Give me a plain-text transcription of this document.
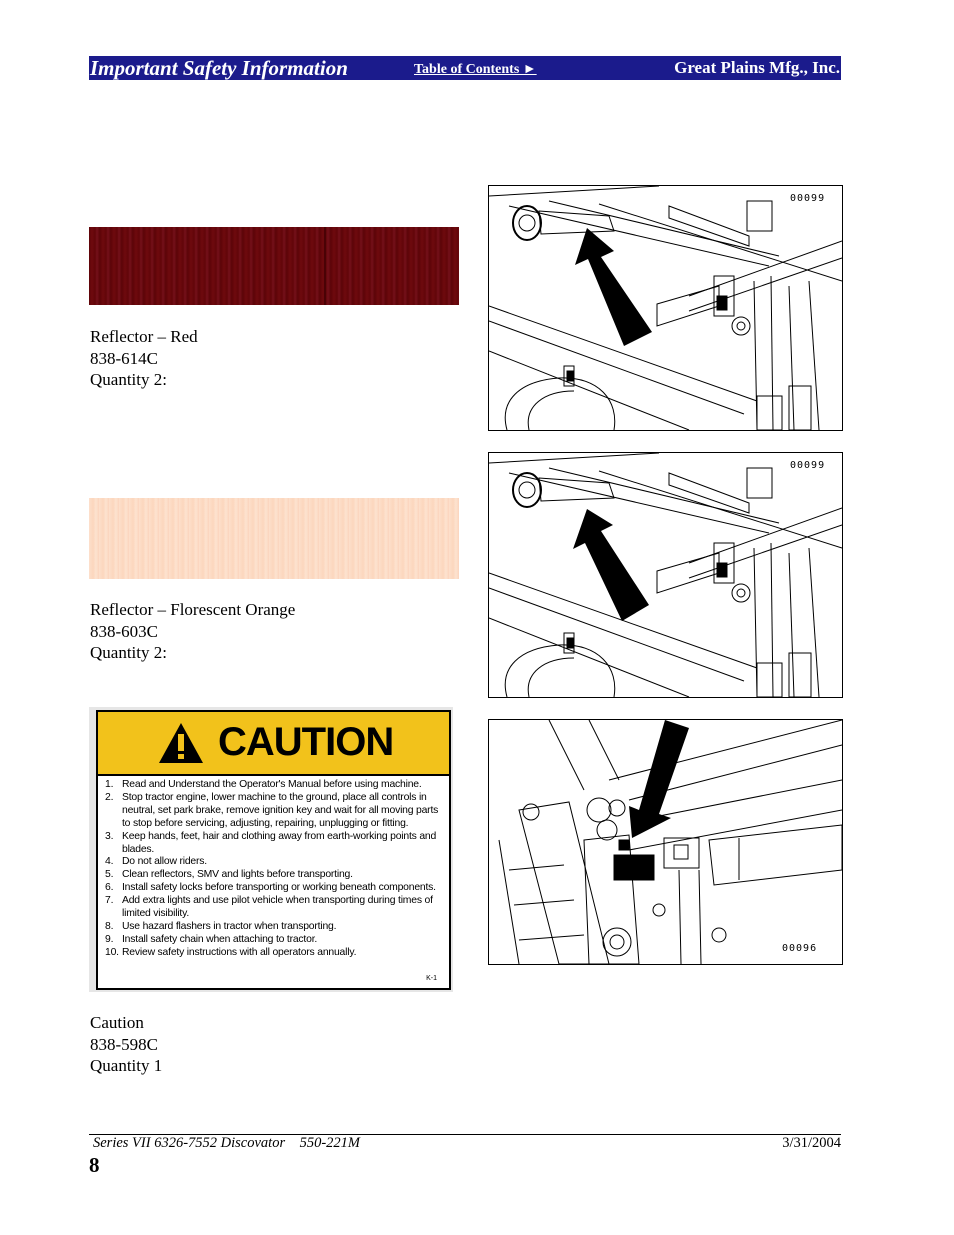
Important Safety Information	Table of Contents ►	Great Plains Mfg., Inc.
Reflector – Red
838-614C
Quantity 2:
00099
Reflector – Florescent Orange
838-603C
Quantity 2:
00099
CAUTION
1. Read and Understand the Operator's Manual before using machine.
2. Stop tractor engine, lower machine to the ground, place all controls in neutral, set park brake, remove ignition key and wait for all moving parts to stop before servicing, adjusting, repairing, unplugging or fitting.
3. Keep hands, feet, hair and clothing away from earth-working points and blades.
4. Do not allow riders.
5. Clean reflectors, SMV and lights before transporting.
6. Install safety locks before transporting or working beneath components.
7. Add extra lights and use pilot vehicle when transporting during times of limited visibility.
8. Use hazard flashers in tractor when transporting.
9. Install safety chain when attaching to tractor.
10. Review safety instructions with all operators annually.
K-1
Caution
838-598C
Quantity 1
00096
Series VII 6326-7552 Discovator    550-221M	3/31/2004
8
